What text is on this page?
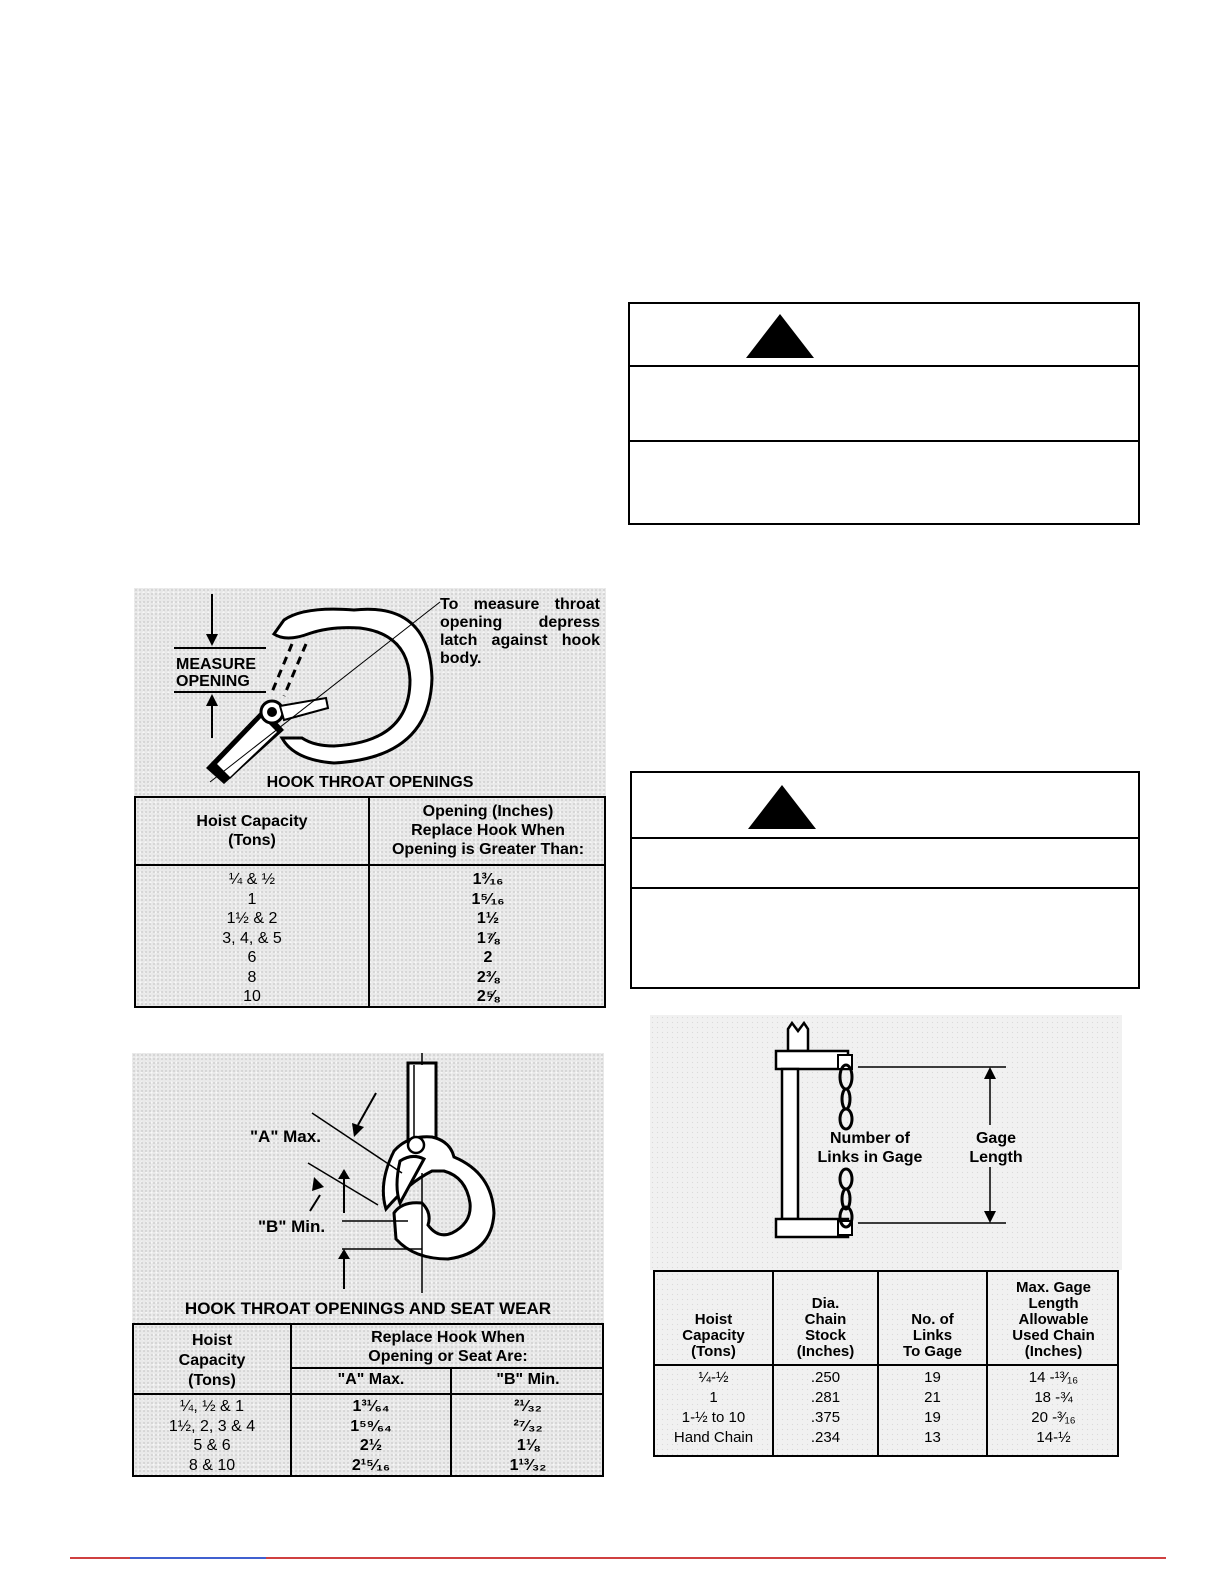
MEASURE
OPENING
To measure throat opening depress latch against hook body.
HOOK THROAT OPENINGS
Hoist Capacity
(Tons)
Opening (Inches)
Replace Hook When
Opening is Greater Than:
¼ & ½
1
1½ & 2
3, 4, & 5
6
8
10
1³⁄₁₆
1⁵⁄₁₆
1½
1⅞
2
2⅜
2⅝
"A" Max.
"B" Min.
HOOK THROAT OPENINGS AND SEAT WEAR
Hoist
Capacity
(Tons)
Replace Hook When
Opening or Seat Are:
"A" Max.	"B" Min.
¼, ½ & 1
1½, 2, 3 & 4
5 & 6
8 & 10
1³¹⁄₆₄
1⁵⁹⁄₆₄
2½
2¹⁵⁄₁₆
²¹⁄₃₂
²⁷⁄₃₂
1⅛
1¹³⁄₃₂
Number of
Links in Gage
Gage
Length
Hoist
Capacity
(Tons)
Dia.
Chain
Stock
(Inches)
No. of
Links
To Gage
Max. Gage
Length
Allowable
Used Chain
(Inches)
¼-½
1
1-½ to 10
Hand Chain
.250
.281
.375
.234
19
21
19
13
14 -¹³⁄₁₆
18 -¾
20 -³⁄₁₆
14-½
